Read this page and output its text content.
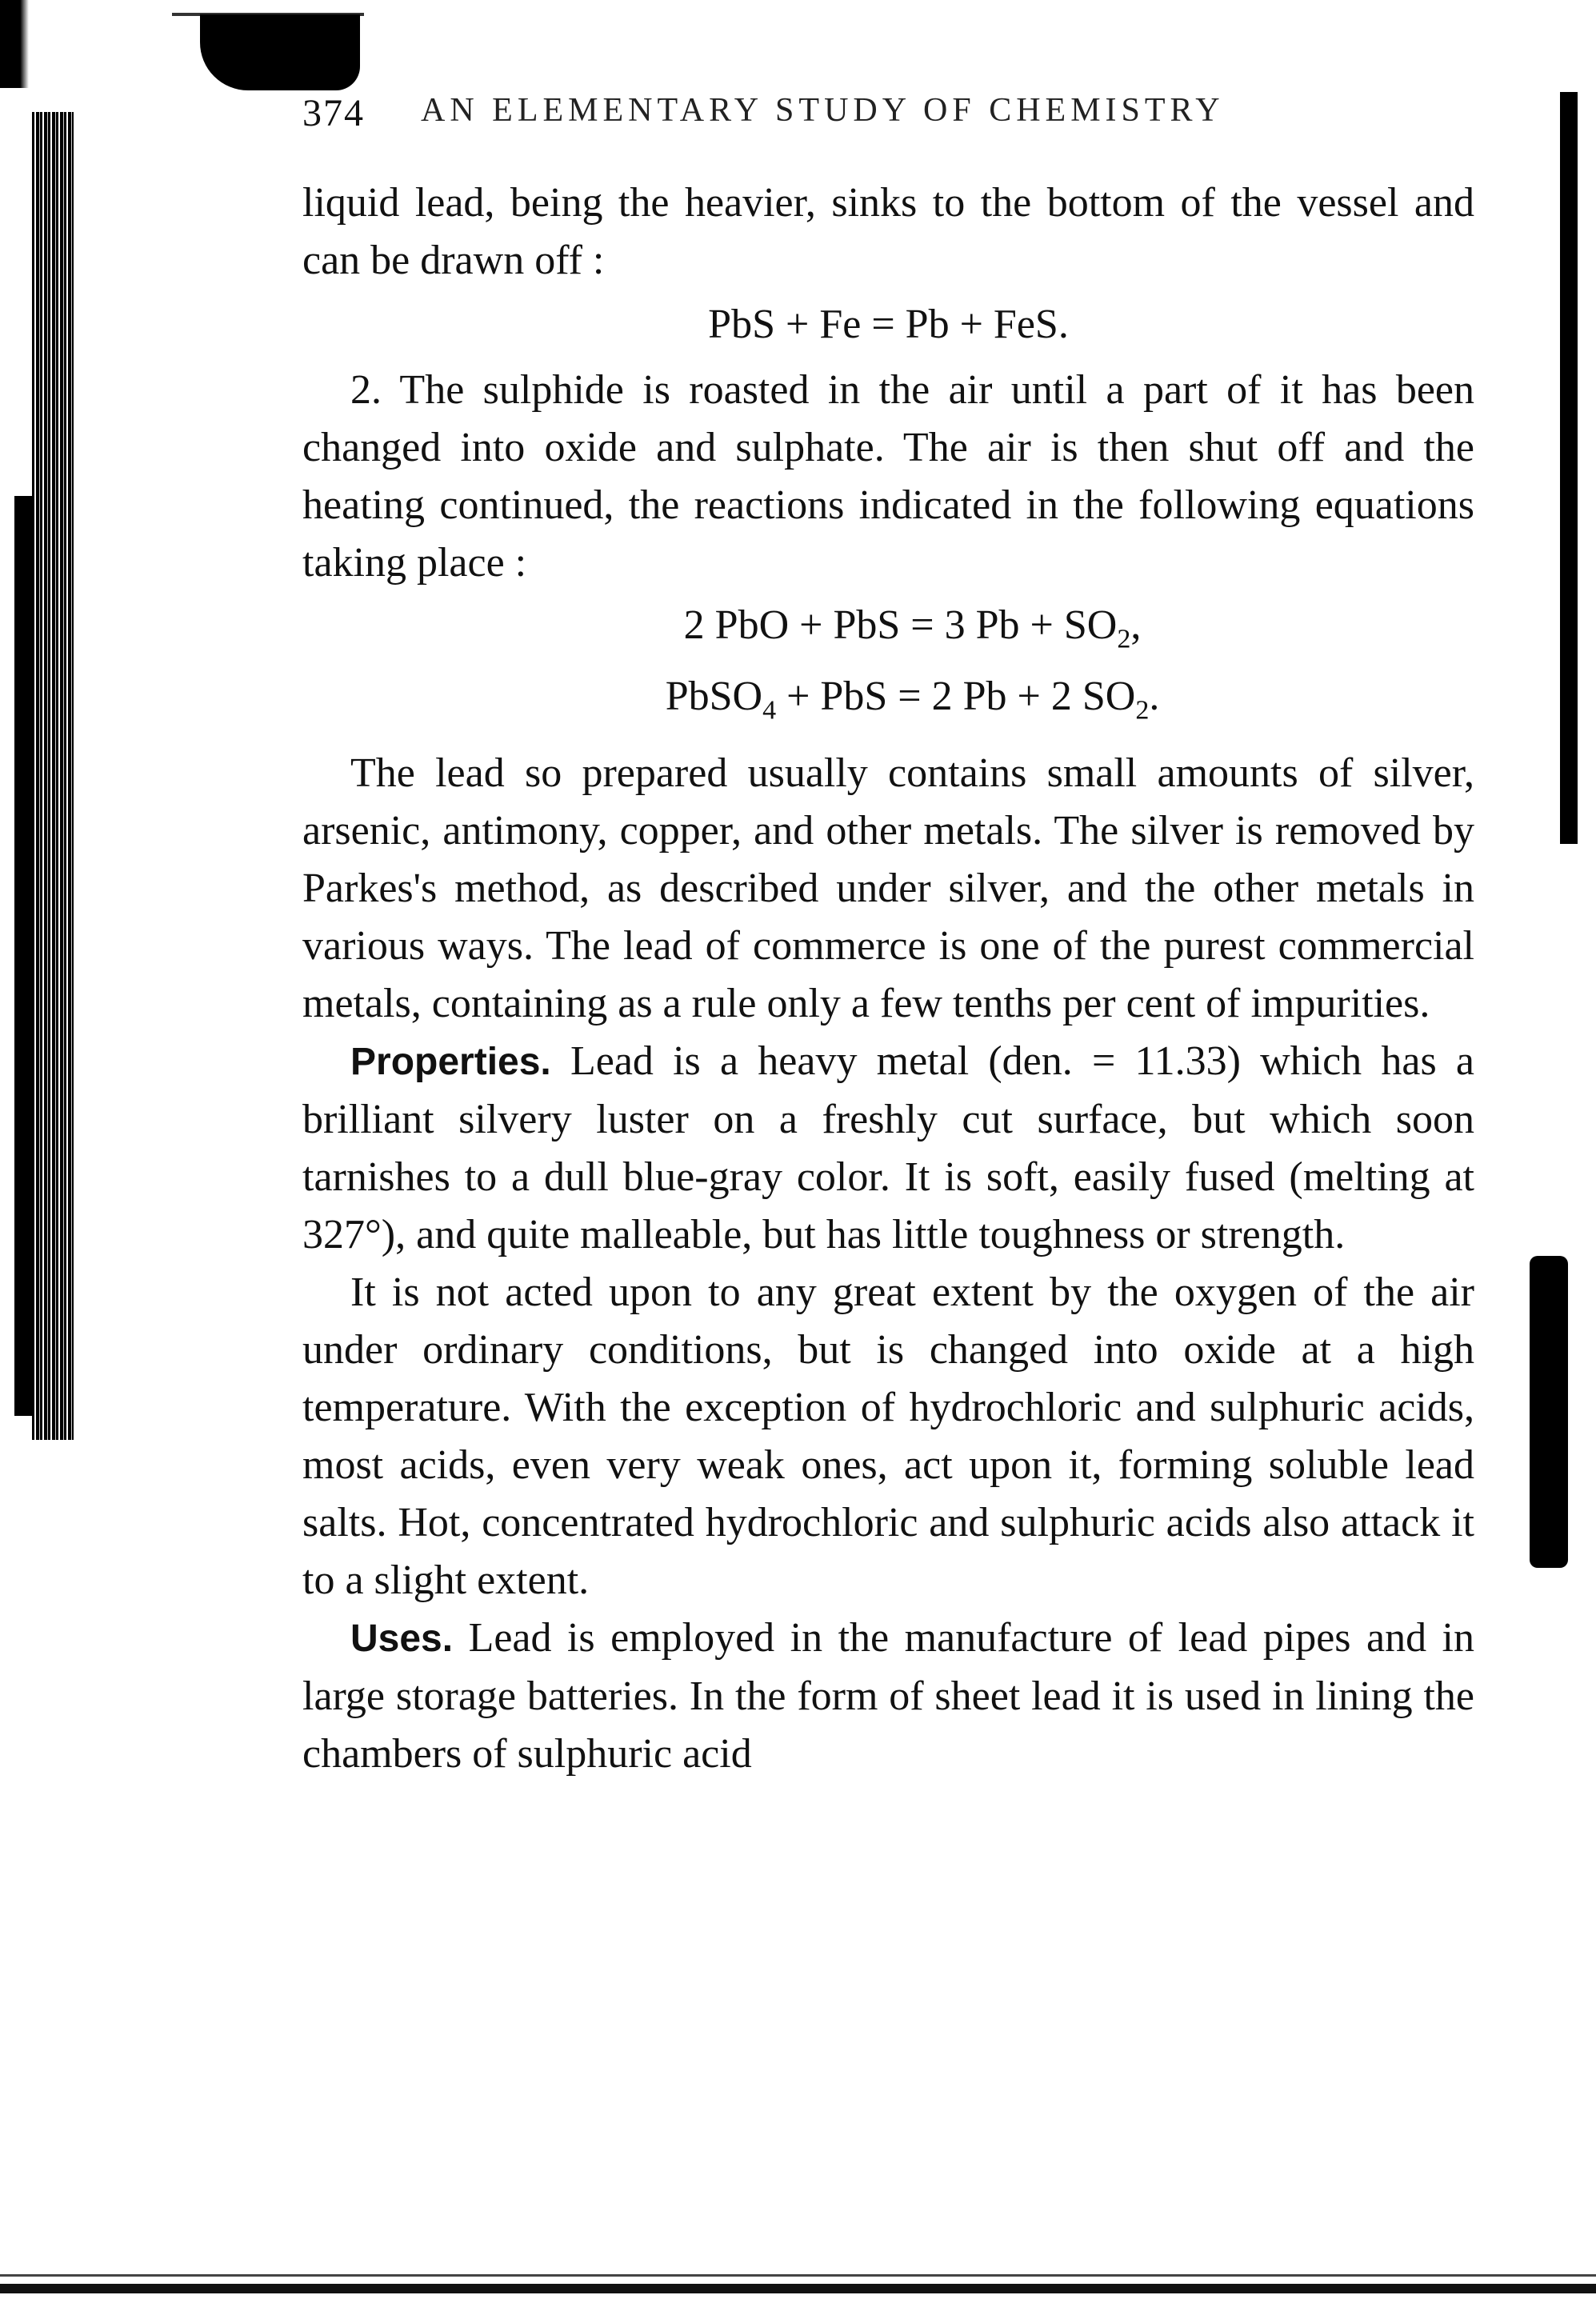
374 AN ELEMENTARY STUDY OF CHEMISTRY

liquid lead, being the heavier, sinks to the bottom of the vessel and can be drawn off :

PbS + Fe = Pb + FeS.

2. The sulphide is roasted in the air until a part of it has been changed into oxide and sulphate. The air is then shut off and the heating continued, the reactions indicated in the following equations taking place :

2 PbO + PbS = 3 $Pb + SO_2$,

PbSO$_4$ + PbS = 2 Pb + 2 $SO_2$.

The lead so prepared usually contains small amounts of silver, arsenic, antimony, copper, and other metals. The silver is removed by Parkes's method, as described under silver, and the other metals in various ways. The lead of commerce is one of the purest commercial metals, containing as a rule only a few tenths per cent of impurities.

Properties. Lead is a heavy metal (den. = 11.33) which has a brilliant silvery luster on a freshly cut surface, but which soon tarnishes to a dull blue-gray color. It is soft, easily fused (melting at 327°), and quite malleable, but has little toughness or strength.

It is not acted upon to any great extent by the oxygen of the air under ordinary conditions, but is changed into oxide at a high temperature. With the exception of hydrochloric and sulphuric acids, most acids, even very weak ones, act upon it, forming soluble lead salts. Hot, concentrated hydrochloric and sulphuric acids also attack it to a slight extent.

Uses. Lead is employed in the manufacture of lead pipes and in large storage batteries. In the form of sheet lead it is used in lining the chambers of sulphuric acid
